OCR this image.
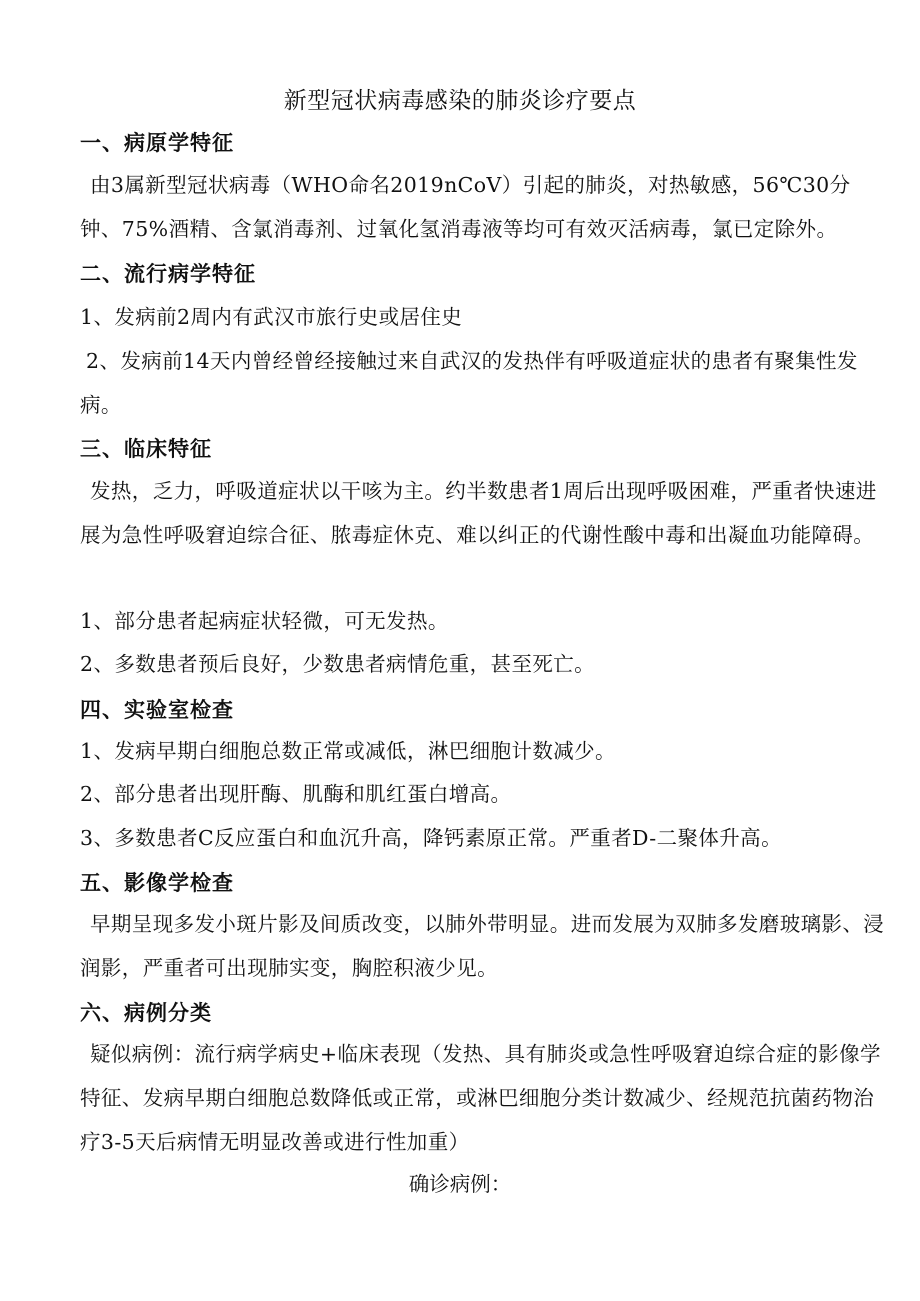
新型冠状病毒感染的肺炎诊疗要点
一、病原学特征
由3属新型冠状病毒（WHO命名2019nCoV）引起的肺炎，对热敏感，56℃30分钟、75%酒精、含氯消毒剂、过氧化氢消毒液等均可有效灭活病毒，氯已定除外。
二、流行病学特征
1、发病前2周内有武汉市旅行史或居住史
2、发病前14天内曾经曾经接触过来自武汉的发热伴有呼吸道症状的患者有聚集性发病。
三、临床特征
发热，乏力，呼吸道症状以干咳为主。约半数患者1周后出现呼吸困难，严重者快速进展为急性呼吸窘迫综合征、脓毒症休克、难以纠正的代谢性酸中毒和出凝血功能障碍。
1、部分患者起病症状轻微，可无发热。
2、多数患者预后良好，少数患者病情危重，甚至死亡。
四、实验室检查
1、发病早期白细胞总数正常或减低，淋巴细胞计数减少。
2、部分患者出现肝酶、肌酶和肌红蛋白增高。
3、多数患者C反应蛋白和血沉升高，降钙素原正常。严重者D-二聚体升高。
五、影像学检查
早期呈现多发小斑片影及间质改变，以肺外带明显。进而发展为双肺多发磨玻璃影、浸润影，严重者可出现肺实变，胸腔积液少见。
六、病例分类
疑似病例：流行病学病史+临床表现（发热、具有肺炎或急性呼吸窘迫综合症的影像学特征、发病早期白细胞总数降低或正常，或淋巴细胞分类计数减少、经规范抗菌药物治疗3-5天后病情无明显改善或进行性加重）
确诊病例：
